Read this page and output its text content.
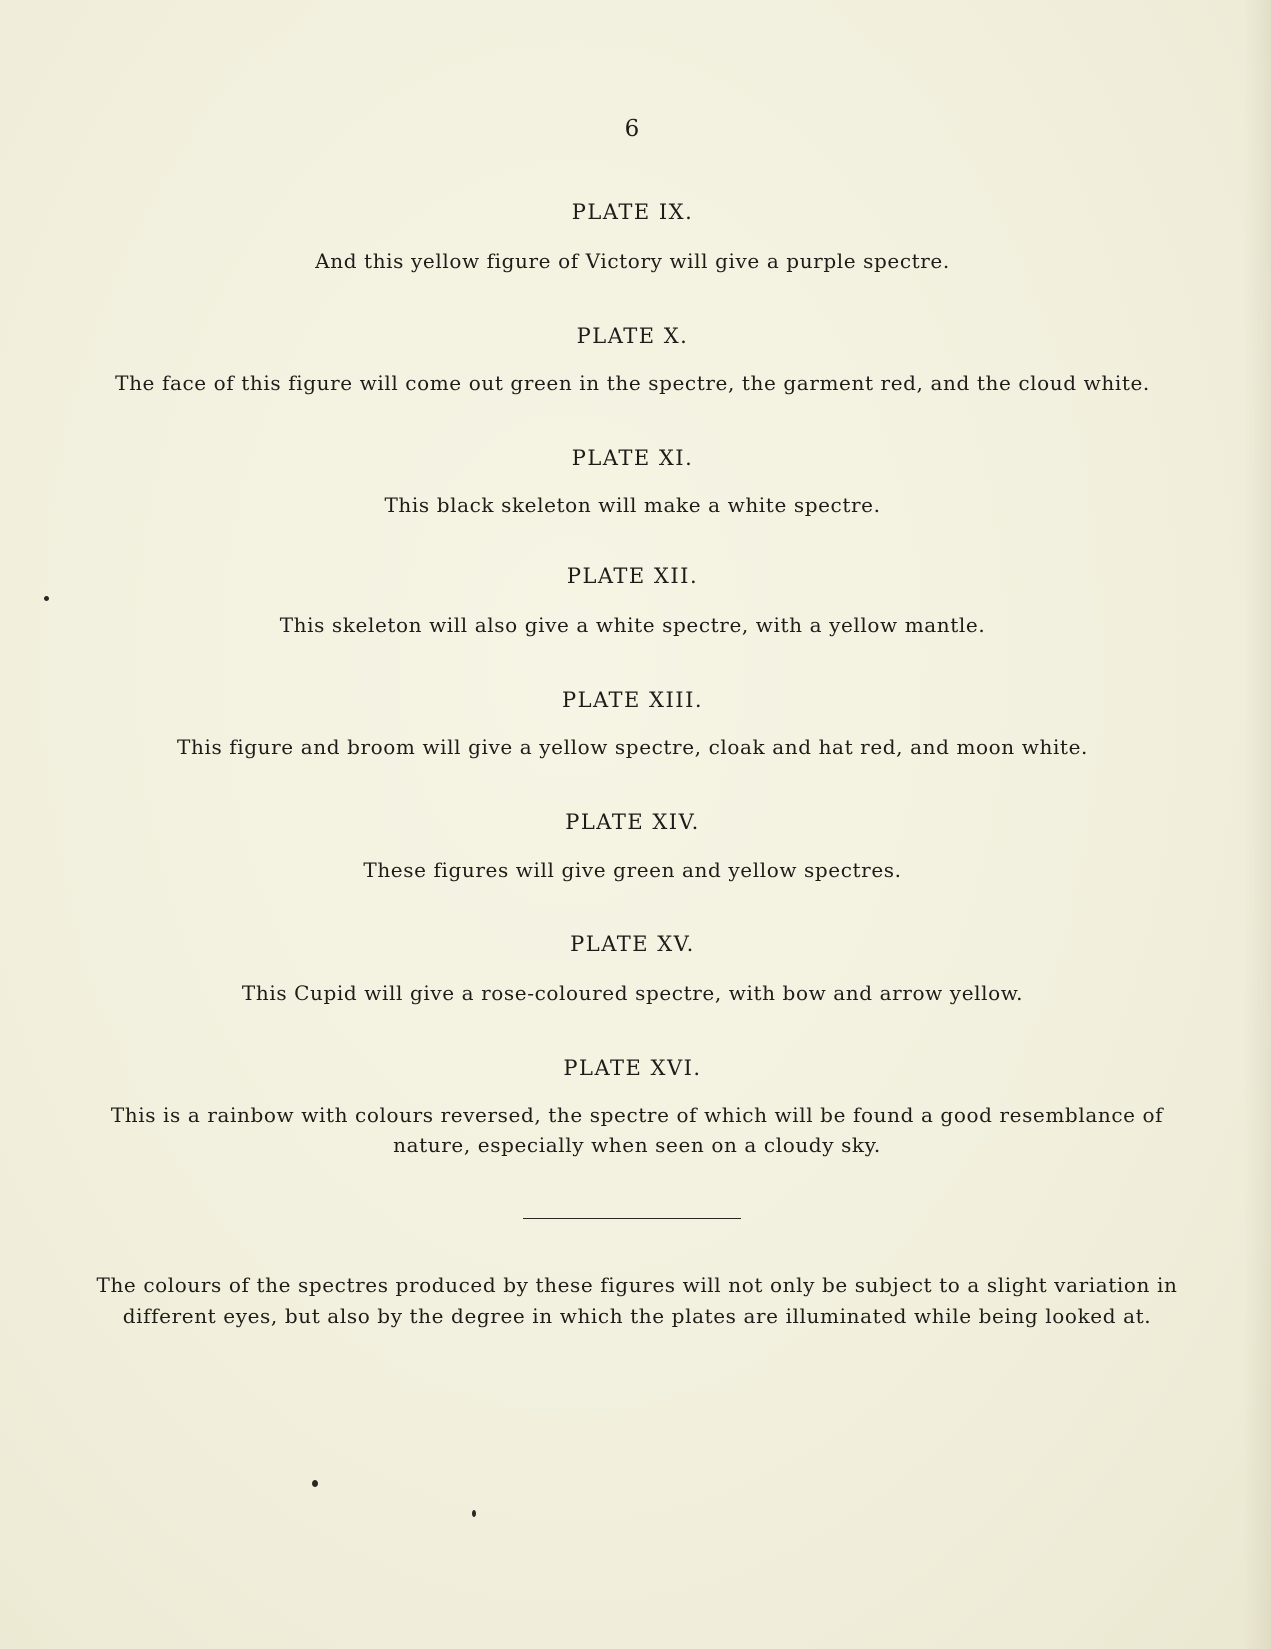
6
PLATE IX.
And this yellow figure of Victory will give a purple spectre.
PLATE X.
The face of this figure will come out green in the spectre, the garment red, and the cloud white.
PLATE XI.
This black skeleton will make a white spectre.
PLATE XII.
This skeleton will also give a white spectre, with a yellow mantle.
PLATE XIII.
This figure and broom will give a yellow spectre, cloak and hat red, and moon white.
PLATE XIV.
These figures will give green and yellow spectres.
PLATE XV.
This Cupid will give a rose-coloured spectre, with bow and arrow yellow.
PLATE XVI.
This is a rainbow with colours reversed, the spectre of which will be found a good resemblance of nature, especially when seen on a cloudy sky.
The colours of the spectres produced by these figures will not only be subject to a slight variation in different eyes, but also by the degree in which the plates are illuminated while being looked at.
